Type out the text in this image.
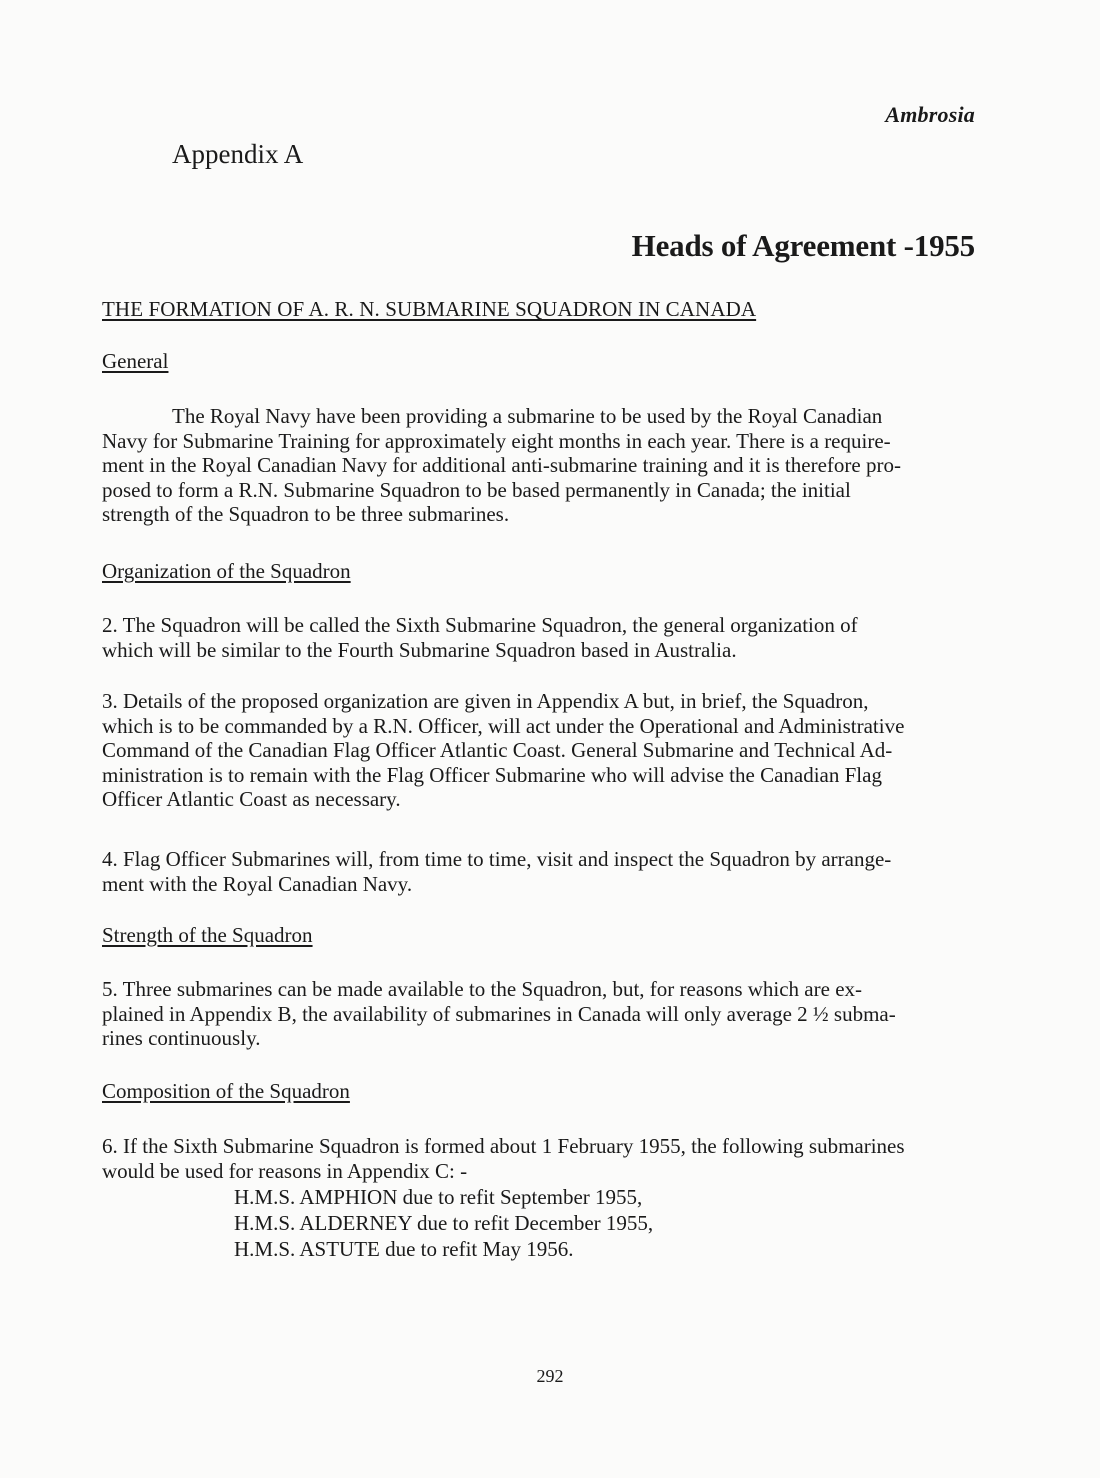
Ambrosia
Appendix A
Heads of Agreement -1955
THE FORMATION OF A. R. N. SUBMARINE SQUADRON IN CANADA
General
The Royal Navy have been providing a submarine to be used by the Royal Canadian
Navy for Submarine Training for approximately eight months in each year. There is a require-
ment in the Royal Canadian Navy for additional anti-submarine training and it is therefore pro-
posed to form a R.N. Submarine Squadron to be based permanently in Canada; the initial
strength of the Squadron to be three submarines.
Organization of the Squadron
2. The Squadron will be called the Sixth Submarine Squadron, the general organization of
which will be similar to the Fourth Submarine Squadron based in Australia.
3. Details of the proposed organization are given in Appendix A but, in brief, the Squadron,
which is to be commanded by a R.N. Officer, will act under the Operational and Administrative
Command of the Canadian Flag Officer Atlantic Coast. General Submarine and Technical Ad-
ministration is to remain with the Flag Officer Submarine who will advise the Canadian Flag
Officer Atlantic Coast as necessary.
4. Flag Officer Submarines will, from time to time, visit and inspect the Squadron by arrange-
ment with the Royal Canadian Navy.
Strength of the Squadron
5. Three submarines can be made available to the Squadron, but, for reasons which are ex-
plained in Appendix B, the availability of submarines in Canada will only average 2 ½ subma-
rines continuously.
Composition of the Squadron
6. If the Sixth Submarine Squadron is formed about 1 February 1955, the following submarines
would be used for reasons in Appendix C: -
H.M.S. AMPHION due to refit September 1955,
H.M.S. ALDERNEY due to refit December 1955,
H.M.S. ASTUTE due to refit May 1956.
292
